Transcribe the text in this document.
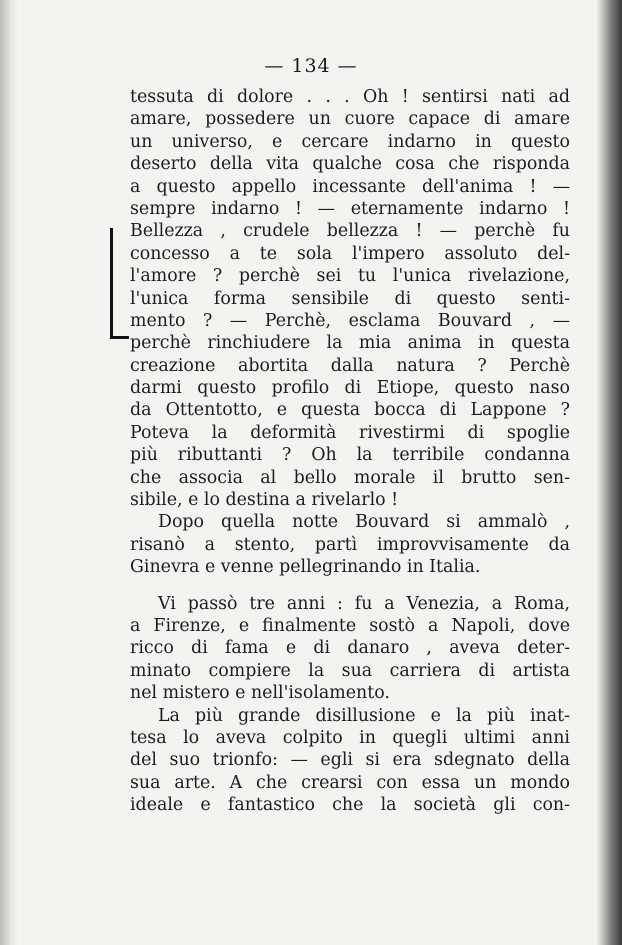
— 134 —
tessuta di dolore . . . Oh ! sentirsi nati ad
amare, possedere un cuore capace di amare
un universo, e cercare indarno in questo
deserto della vita qualche cosa che risponda
a questo appello incessante dell'anima ! —
sempre indarno ! — eternamente indarno !
Bellezza , crudele bellezza ! — perchè fu
concesso a te sola l'impero assoluto del-
l'amore ? perchè sei tu l'unica rivelazione,
l'unica forma sensibile di questo senti-
mento ? — Perchè, esclama Bouvard , —
perchè rinchiudere la mia anima in questa
creazione abortita dalla natura ? Perchè
darmi questo profilo di Etiope, questo naso
da Ottentotto, e questa bocca di Lappone ?
Poteva la deformità rivestirmi di spoglie
più ributtanti ? Oh la terribile condanna
che associa al bello morale il brutto sen-
sibile, e lo destina a rivelarlo !
Dopo quella notte Bouvard si ammalò ,
risanò a stento, partì improvvisamente da
Ginevra e venne pellegrinando in Italia.
Vi passò tre anni : fu a Venezia, a Roma,
a Firenze, e finalmente sostò a Napoli, dove
ricco di fama e di danaro , aveva deter-
minato compiere la sua carriera di artista
nel mistero e nell'isolamento.
La più grande disillusione e la più inat-
tesa lo aveva colpito in quegli ultimi anni
del suo trionfo: — egli si era sdegnato della
sua arte. A che crearsi con essa un mondo
ideale e fantastico che la società gli con-
